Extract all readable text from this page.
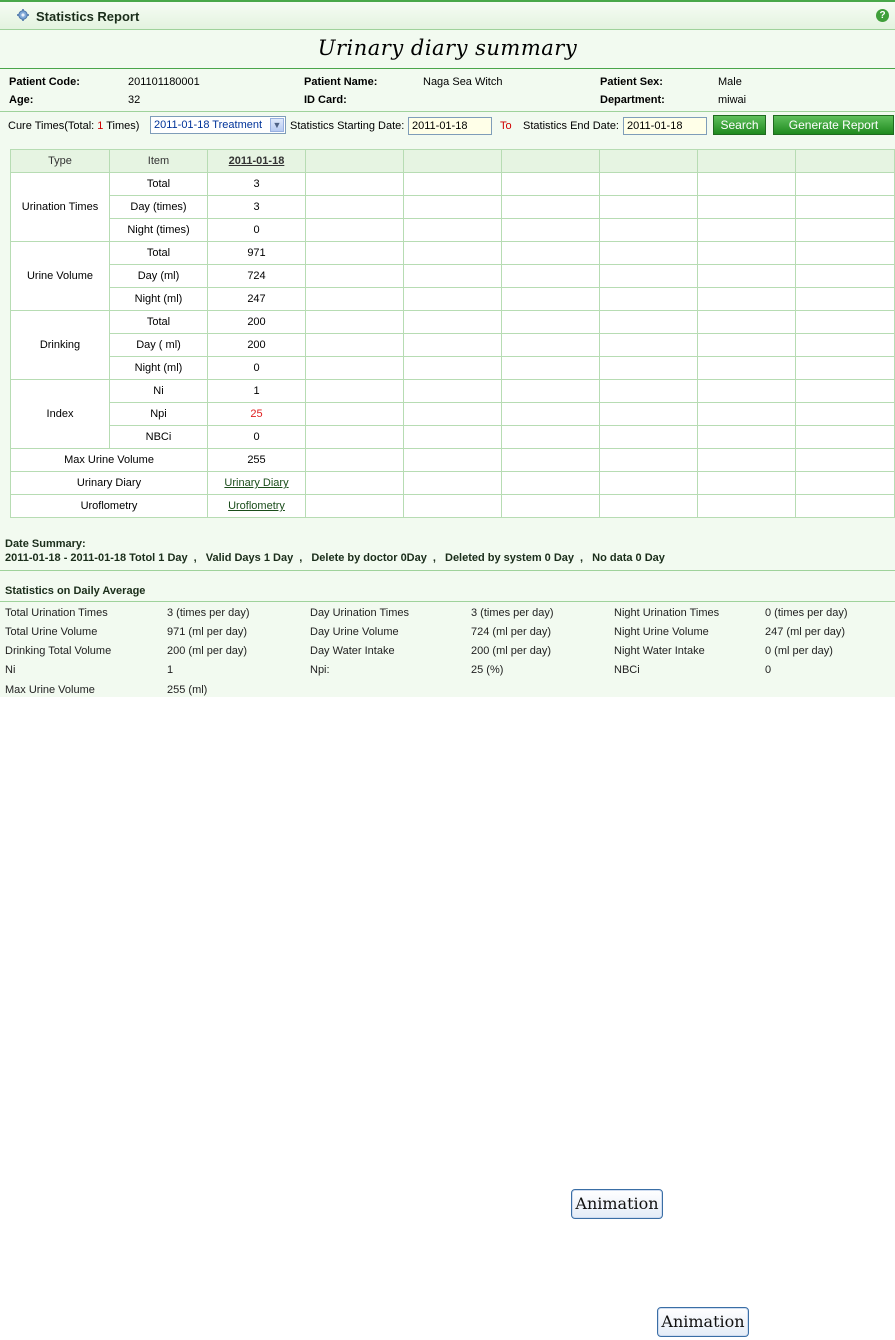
Statistics Report	?
Urinary diary summary
Patient Code:	201101180001	Patient Name:	Naga Sea Witch	Patient Sex:	Male
Age:	32	ID Card:	Department:	miwai
Cure Times(Total: 1 Times) 2011-01-18 Treatment ▼ Statistics Starting Date: 2011-01-18	To Statistics End Date: 2011-01-18	Search	Generate Report
Type	Item	2011-01-18						
Urination Times	Total	3						
	Day (times)	3						
	Night (times)	0						
Urine Volume	Total	971						
	Day (ml)	724						
	Night (ml)	247						
Drinking	Total	200						
	Day ( ml)	200						
	Night (ml)	0						
Index	Ni	1						
	Npi	25						
	NBCi	0						
Max Urine Volume		255						
Urinary Diary		Urinary Diary						
Uroflometry		Uroflometry						
Date Summary:
2011-01-18 - 2011-01-18 Totol 1 Day , Valid Days 1 Day , Delete by doctor 0Day , Deleted by system 0 Day , No data 0 Day
Statistics on Daily Average
Total Urination Times	3 (times per day)	Day Urination Times	3 (times per day)	Night Urination Times	0 (times per day)
Total Urine Volume	971 (ml per day)	Day Urine Volume	724 (ml per day)	Night Urine Volume	247 (ml per day)
Drinking Total Volume	200 (ml per day)	Day Water Intake	200 (ml per day)	Night Water Intake	0 (ml per day)
Ni	1	Npi:	25 (%)	NBCi	0
Max Urine Volume	255 (ml)
Animation
Animation
